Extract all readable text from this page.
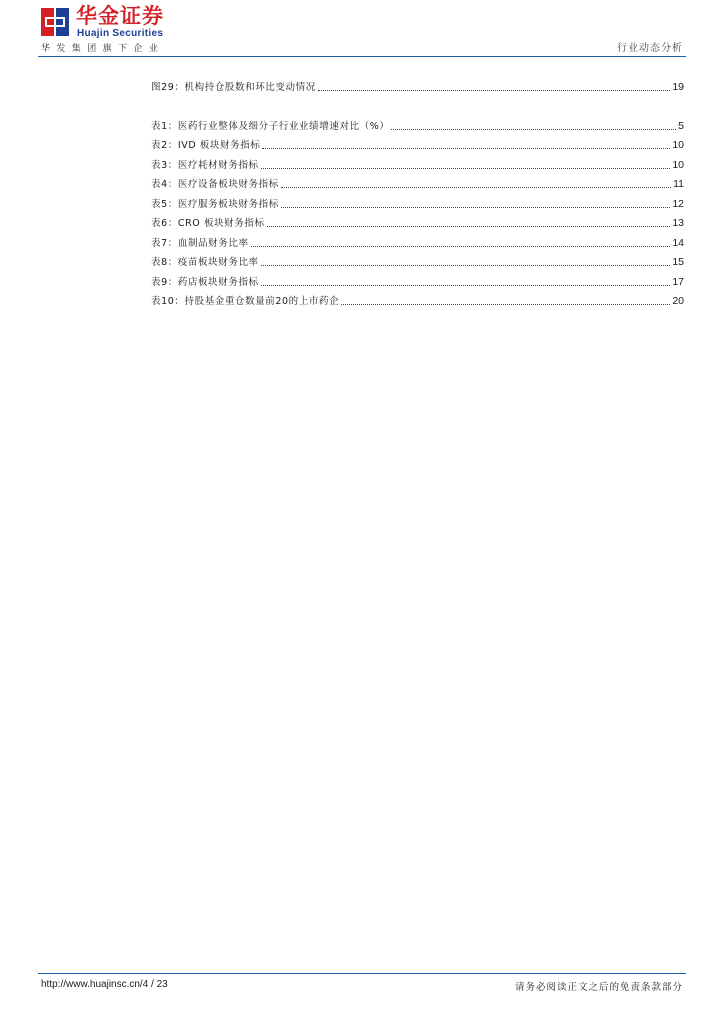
华金证券
Huajin Securities
华发集团旗下企业	行业动态分析
图29：机构持仓股数和环比变动情况	19
表1：医药行业整体及细分子行业业绩增速对比（%）	5
表2：IVD 板块财务指标	10
表3：医疗耗材财务指标	10
表4：医疗设备板块财务指标	11
表5：医疗服务板块财务指标	12
表6：CRO 板块财务指标	13
表7：血制品财务比率	14
表8：疫苗板块财务比率	15
表9：药店板块财务指标	17
表10：持股基金重仓数量前20的上市药企	20
http://www.huajinsc.cn/4 / 23	请务必阅读正文之后的免责条款部分
